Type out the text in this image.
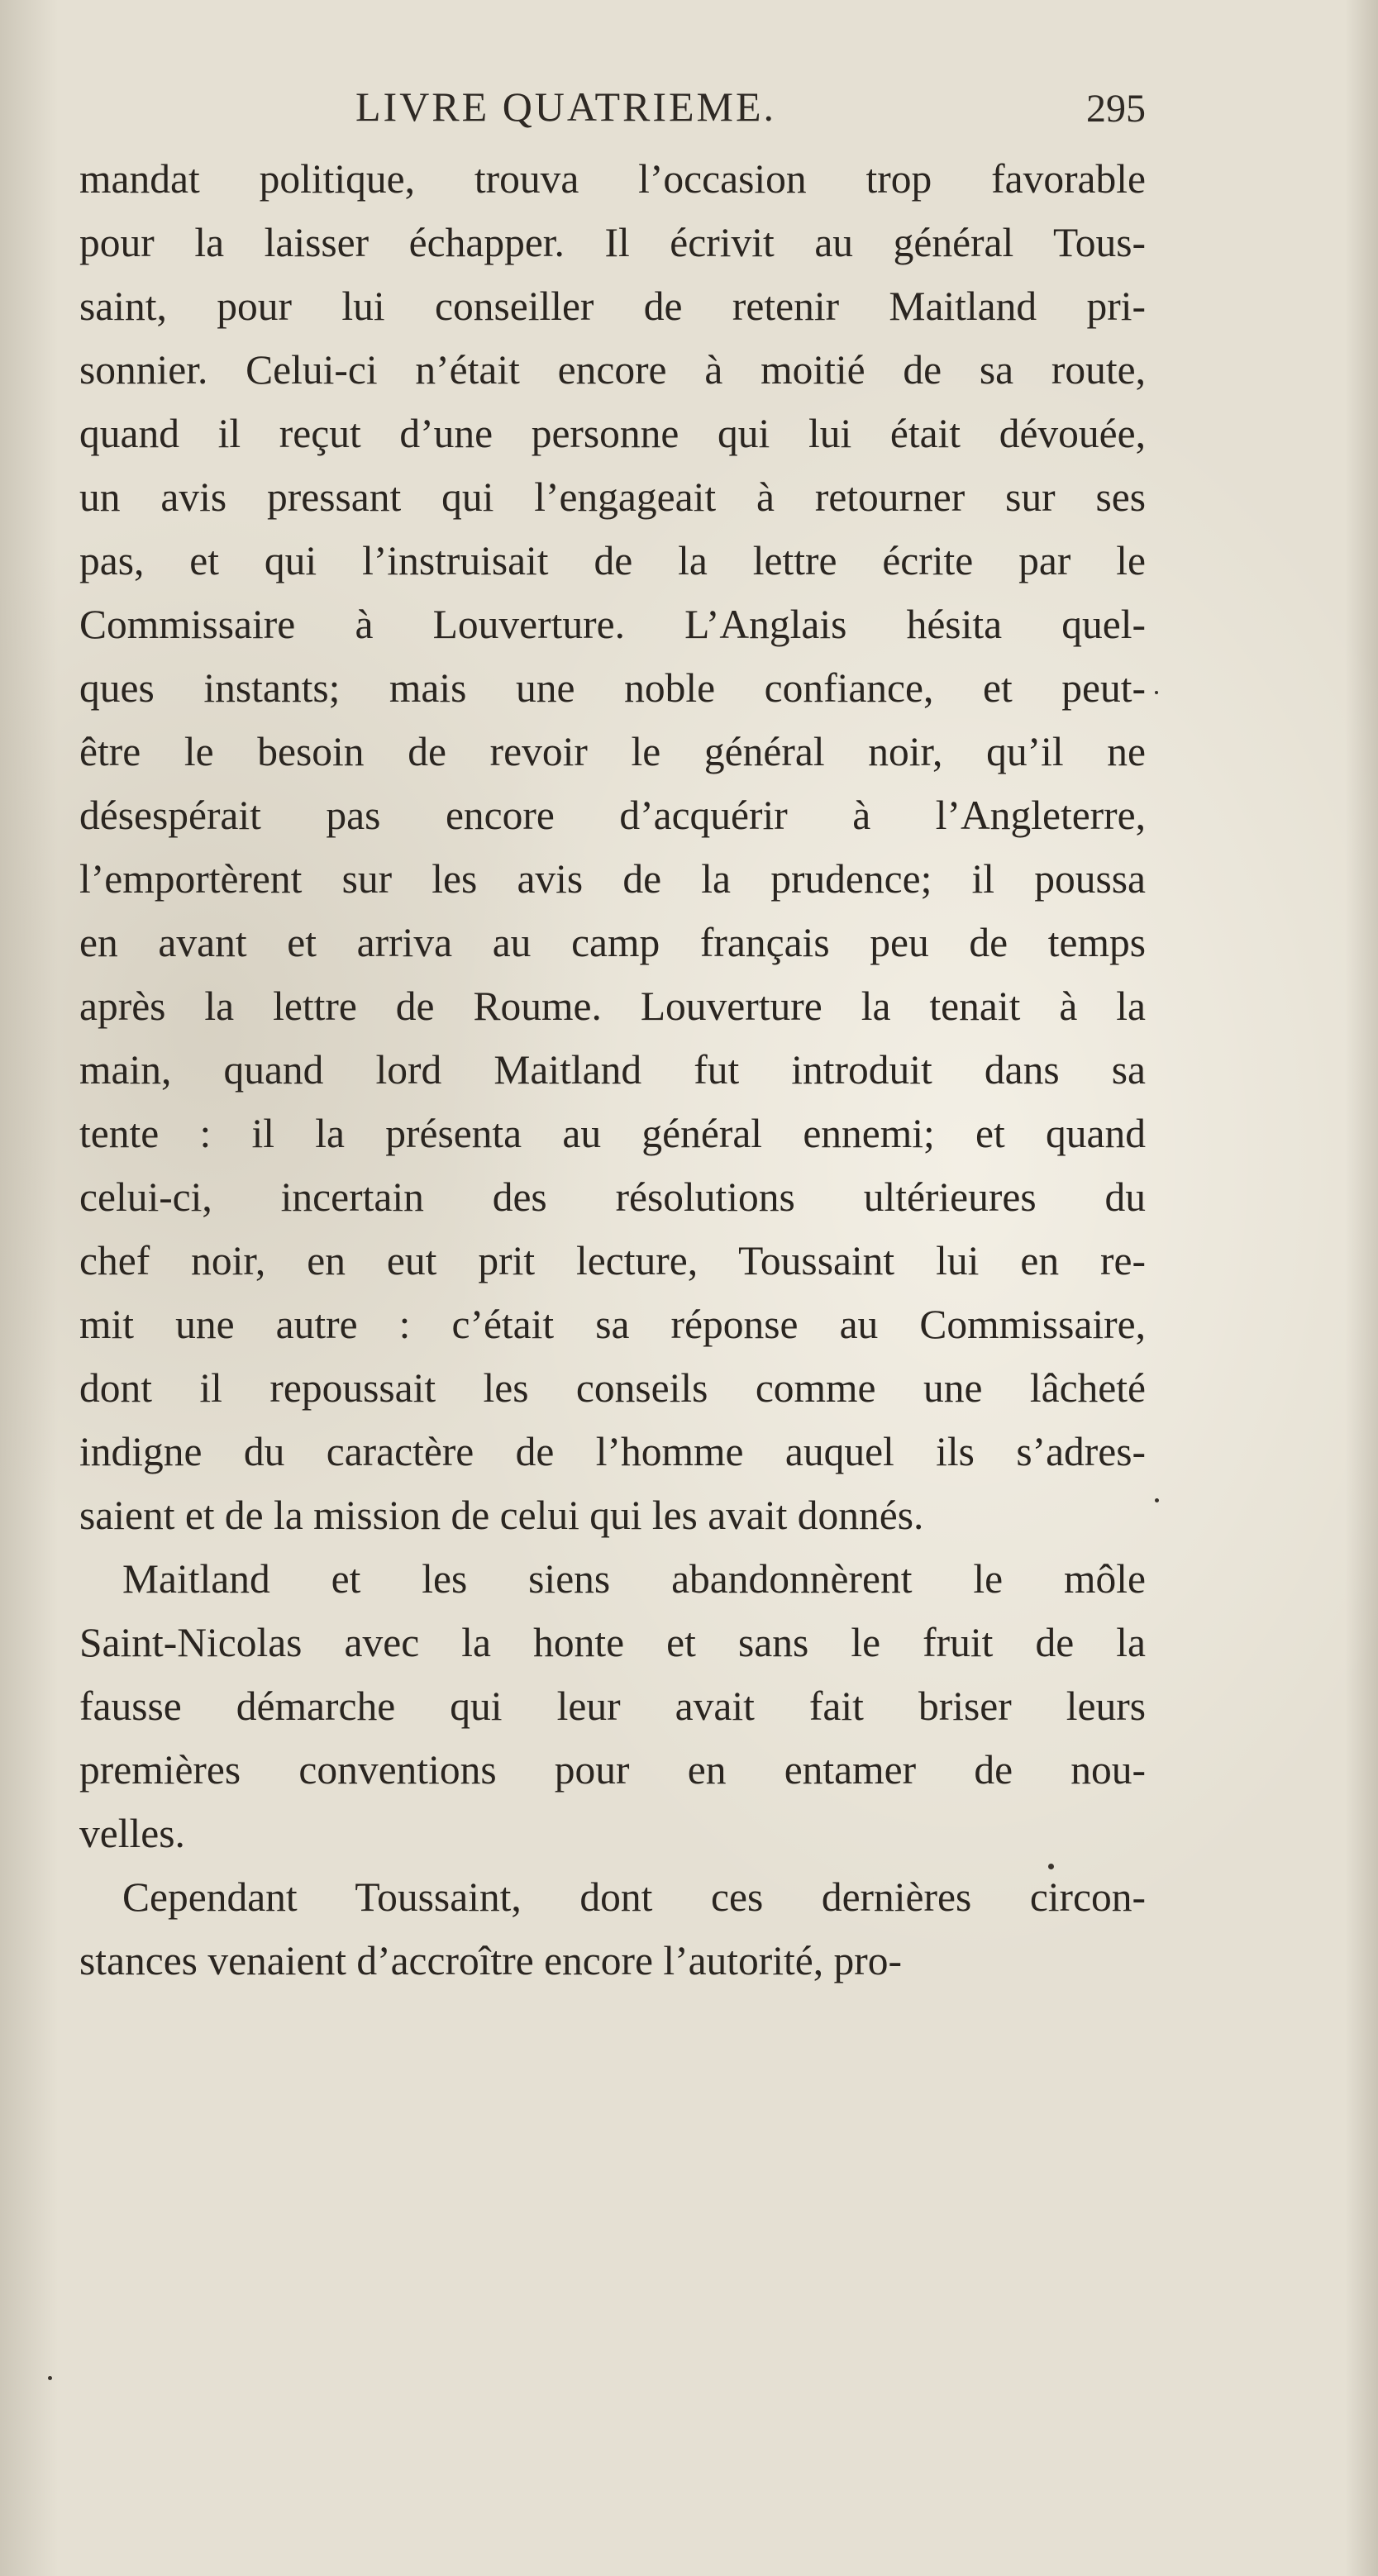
LIVRE QUATRIEME.	295
mandat politique, trouva l’occasion trop favorable
pour la laisser échapper. Il écrivit au général Tous-
saint, pour lui conseiller de retenir Maitland pri-
sonnier. Celui-ci n’était encore à moitié de sa route,
quand il reçut d’une personne qui lui était dévouée,
un avis pressant qui l’engageait à retourner sur ses
pas, et qui l’instruisait de la lettre écrite par le
Commissaire à Louverture. L’Anglais hésita quel-
ques instants; mais une noble confiance, et peut-
être le besoin de revoir le général noir, qu’il ne
désespérait pas encore d’acquérir à l’Angleterre,
l’emportèrent sur les avis de la prudence; il poussa
en avant et arriva au camp français peu de temps
après la lettre de Roume. Louverture la tenait à la
main, quand lord Maitland fut introduit dans sa
tente : il la présenta au général ennemi; et quand
celui-ci, incertain des résolutions ultérieures du
chef noir, en eut prit lecture, Toussaint lui en re-
mit une autre : c’était sa réponse au Commissaire,
dont il repoussait les conseils comme une lâcheté
indigne du caractère de l’homme auquel ils s’adres-
saient et de la mission de celui qui les avait donnés.
Maitland et les siens abandonnèrent le môle
Saint-Nicolas avec la honte et sans le fruit de la
fausse démarche qui leur avait fait briser leurs
premières conventions pour en entamer de nou-
velles.
Cependant Toussaint, dont ces dernières circon-
stances venaient d’accroître encore l’autorité, pro-
